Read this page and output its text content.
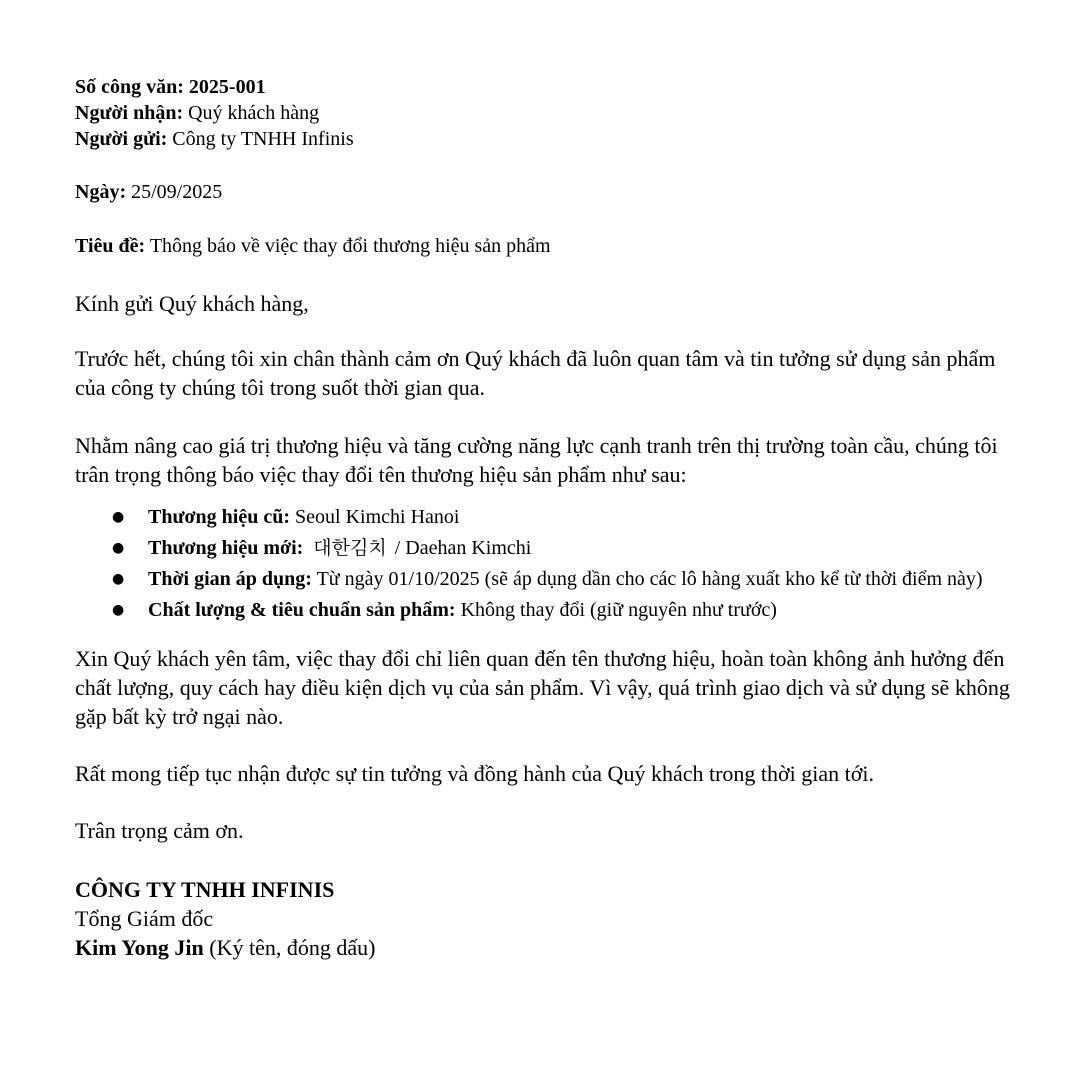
Số công văn: 2025-001
Người nhận: Quý khách hàng
Người gửi: Công ty TNHH Infinis
Ngày: 25/09/2025
Tiêu đề: Thông báo về việc thay đổi thương hiệu sản phẩm

Kính gửi Quý khách hàng,

Trước hết, chúng tôi xin chân thành cảm ơn Quý khách đã luôn quan tâm và tin tưởng sử dụng sản phẩm của công ty chúng tôi trong suốt thời gian qua.

Nhằm nâng cao giá trị thương hiệu và tăng cường năng lực cạnh tranh trên thị trường toàn cầu, chúng tôi trân trọng thông báo việc thay đổi tên thương hiệu sản phẩm như sau:

● Thương hiệu cũ: Seoul Kimchi Hanoi
● Thương hiệu mới: 대한김치 / Daehan Kimchi
● Thời gian áp dụng: Từ ngày 01/10/2025 (sẽ áp dụng dần cho các lô hàng xuất kho kể từ thời điểm này)
● Chất lượng & tiêu chuẩn sản phẩm: Không thay đổi (giữ nguyên như trước)

Xin Quý khách yên tâm, việc thay đổi chỉ liên quan đến tên thương hiệu, hoàn toàn không ảnh hưởng đến chất lượng, quy cách hay điều kiện dịch vụ của sản phẩm. Vì vậy, quá trình giao dịch và sử dụng sẽ không gặp bất kỳ trở ngại nào.

Rất mong tiếp tục nhận được sự tin tưởng và đồng hành của Quý khách trong thời gian tới.

Trân trọng cảm ơn.

CÔNG TY TNHH INFINIS
Tổng Giám đốc
Kim Yong Jin (Ký tên, đóng dấu)
